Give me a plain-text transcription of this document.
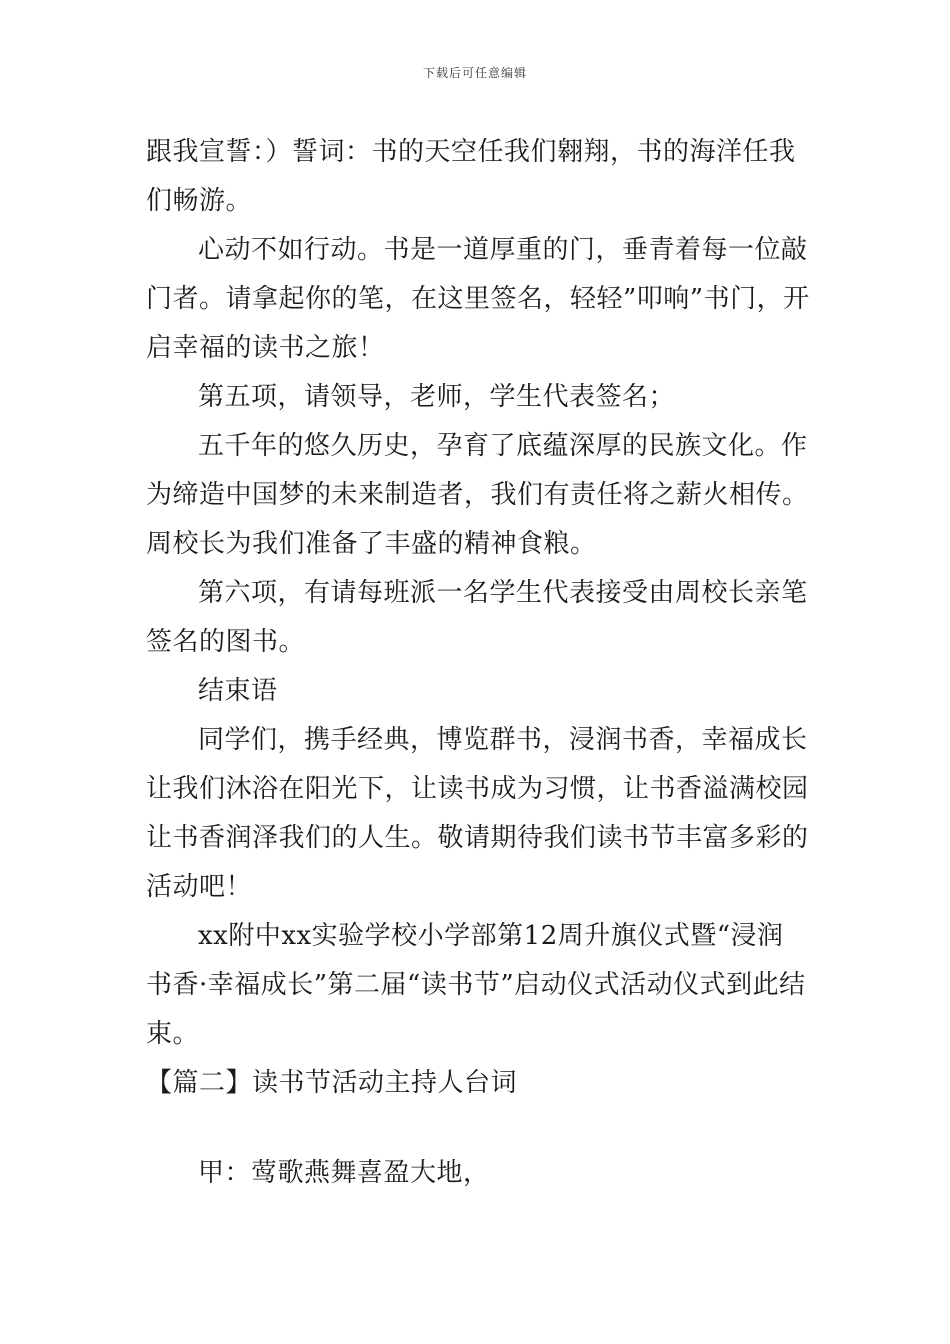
下载后可任意编辑

跟我宣誓：）誓词：书的天空任我们翱翔，书的海洋任我们畅游。

心动不如行动。书是一道厚重的门，垂青着每一位敲门者。请拿起你的笔，在这里签名，轻轻”叩响”书门，开启幸福的读书之旅！

第五项，请领导，老师，学生代表签名；

五千年的悠久历史，孕育了底蕴深厚的民族文化。作为缔造中国梦的未来制造者，我们有责任将之薪火相传。周校长为我们准备了丰盛的精神食粮。

第六项，有请每班派一名学生代表接受由周校长亲笔签名的图书。

结束语

同学们，携手经典，博览群书，浸润书香，幸福成长让我们沐浴在阳光下，让读书成为习惯，让书香溢满校园让书香润泽我们的人生。敬请期待我们读书节丰富多彩的活动吧！

xx附中xx实验学校小学部第12周升旗仪式暨“浸润书香·幸福成长”第二届“读书节”启动仪式活动仪式到此结束。

【篇二】读书节活动主持人台词

甲：莺歌燕舞喜盈大地，
